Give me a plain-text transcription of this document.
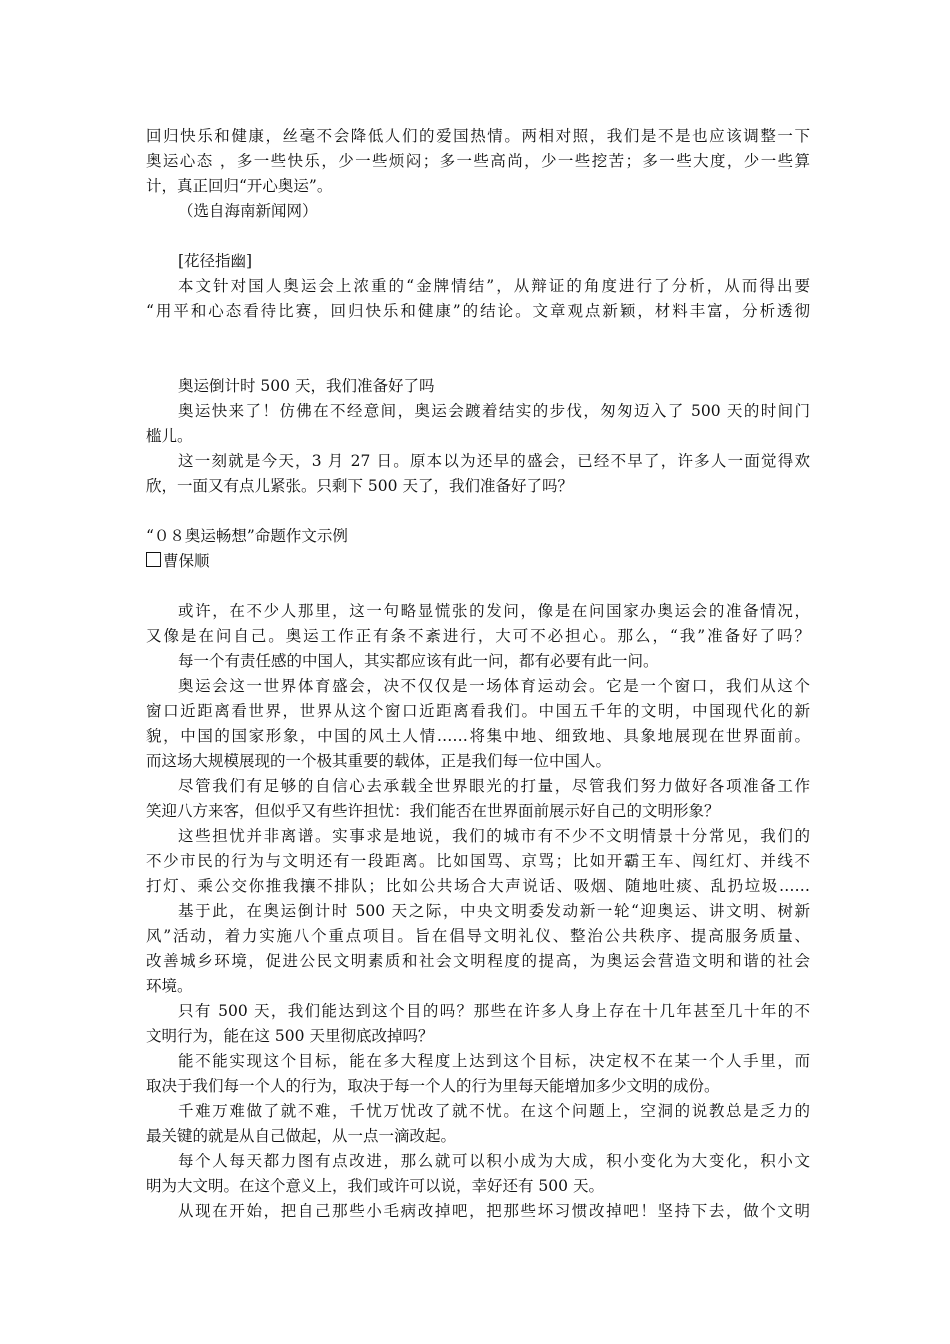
回归快乐和健康，丝毫不会降低人们的爱国热情。两相对照，我们是不是也应该调整一下
奥运心态 ，多一些快乐，少一些烦闷；多一些高尚，少一些挖苦；多一些大度，少一些算
计，真正回归“开心奥运”。
（选自海南新闻网）
[花径指幽]
本文针对国人奥运会上浓重的“金牌情结”，从辩证的角度进行了分析，从而得出要
“用平和心态看待比赛，回归快乐和健康”的结论。文章观点新颖，材料丰富，分析透彻
奥运倒计时 500 天，我们准备好了吗
奥运快来了！仿佛在不经意间，奥运会踱着结实的步伐，匆匆迈入了 500 天的时间门
槛儿。
这一刻就是今天，3 月 27 日。原本以为还早的盛会，已经不早了，许多人一面觉得欢
欣，一面又有点儿紧张。只剩下 500 天了，我们准备好了吗？
“０８奥运畅想”命题作文示例
曹保顺
或许，在不少人那里，这一句略显慌张的发问，像是在问国家办奥运会的准备情况，
又像是在问自己。奥运工作正有条不紊进行，大可不必担心。那么，“我”准备好了吗？
每一个有责任感的中国人，其实都应该有此一问，都有必要有此一问。
奥运会这一世界体育盛会，决不仅仅是一场体育运动会。它是一个窗口，我们从这个
窗口近距离看世界，世界从这个窗口近距离看我们。中国五千年的文明，中国现代化的新
貌，中国的国家形象，中国的风土人情……将集中地、细致地、具象地展现在世界面前。
而这场大规模展现的一个极其重要的载体，正是我们每一位中国人。
尽管我们有足够的自信心去承载全世界眼光的打量，尽管我们努力做好各项准备工作
笑迎八方来客，但似乎又有些许担忧：我们能否在世界面前展示好自己的文明形象？
这些担忧并非离谱。实事求是地说，我们的城市有不少不文明情景十分常见，我们的
不少市民的行为与文明还有一段距离。比如国骂、京骂；比如开霸王车、闯红灯、并线不
打灯、乘公交你推我攘不排队；比如公共场合大声说话、吸烟、随地吐痰、乱扔垃圾……
基于此，在奥运倒计时 500 天之际，中央文明委发动新一轮“迎奥运、讲文明、树新
风”活动，着力实施八个重点项目。旨在倡导文明礼仪、整治公共秩序、提高服务质量、
改善城乡环境，促进公民文明素质和社会文明程度的提高，为奥运会营造文明和谐的社会
环境。
只有 500 天，我们能达到这个目的吗？那些在许多人身上存在十几年甚至几十年的不
文明行为，能在这 500 天里彻底改掉吗？
能不能实现这个目标，能在多大程度上达到这个目标，决定权不在某一个人手里，而
取决于我们每一个人的行为，取决于每一个人的行为里每天能增加多少文明的成份。
千难万难做了就不难，千忧万忧改了就不忧。在这个问题上，空洞的说教总是乏力的
最关键的就是从自己做起，从一点一滴改起。
每个人每天都力图有点改进，那么就可以积小成为大成，积小变化为大变化，积小文
明为大文明。在这个意义上，我们或许可以说，幸好还有 500 天。
从现在开始，把自己那些小毛病改掉吧，把那些坏习惯改掉吧！坚持下去，做个文明
